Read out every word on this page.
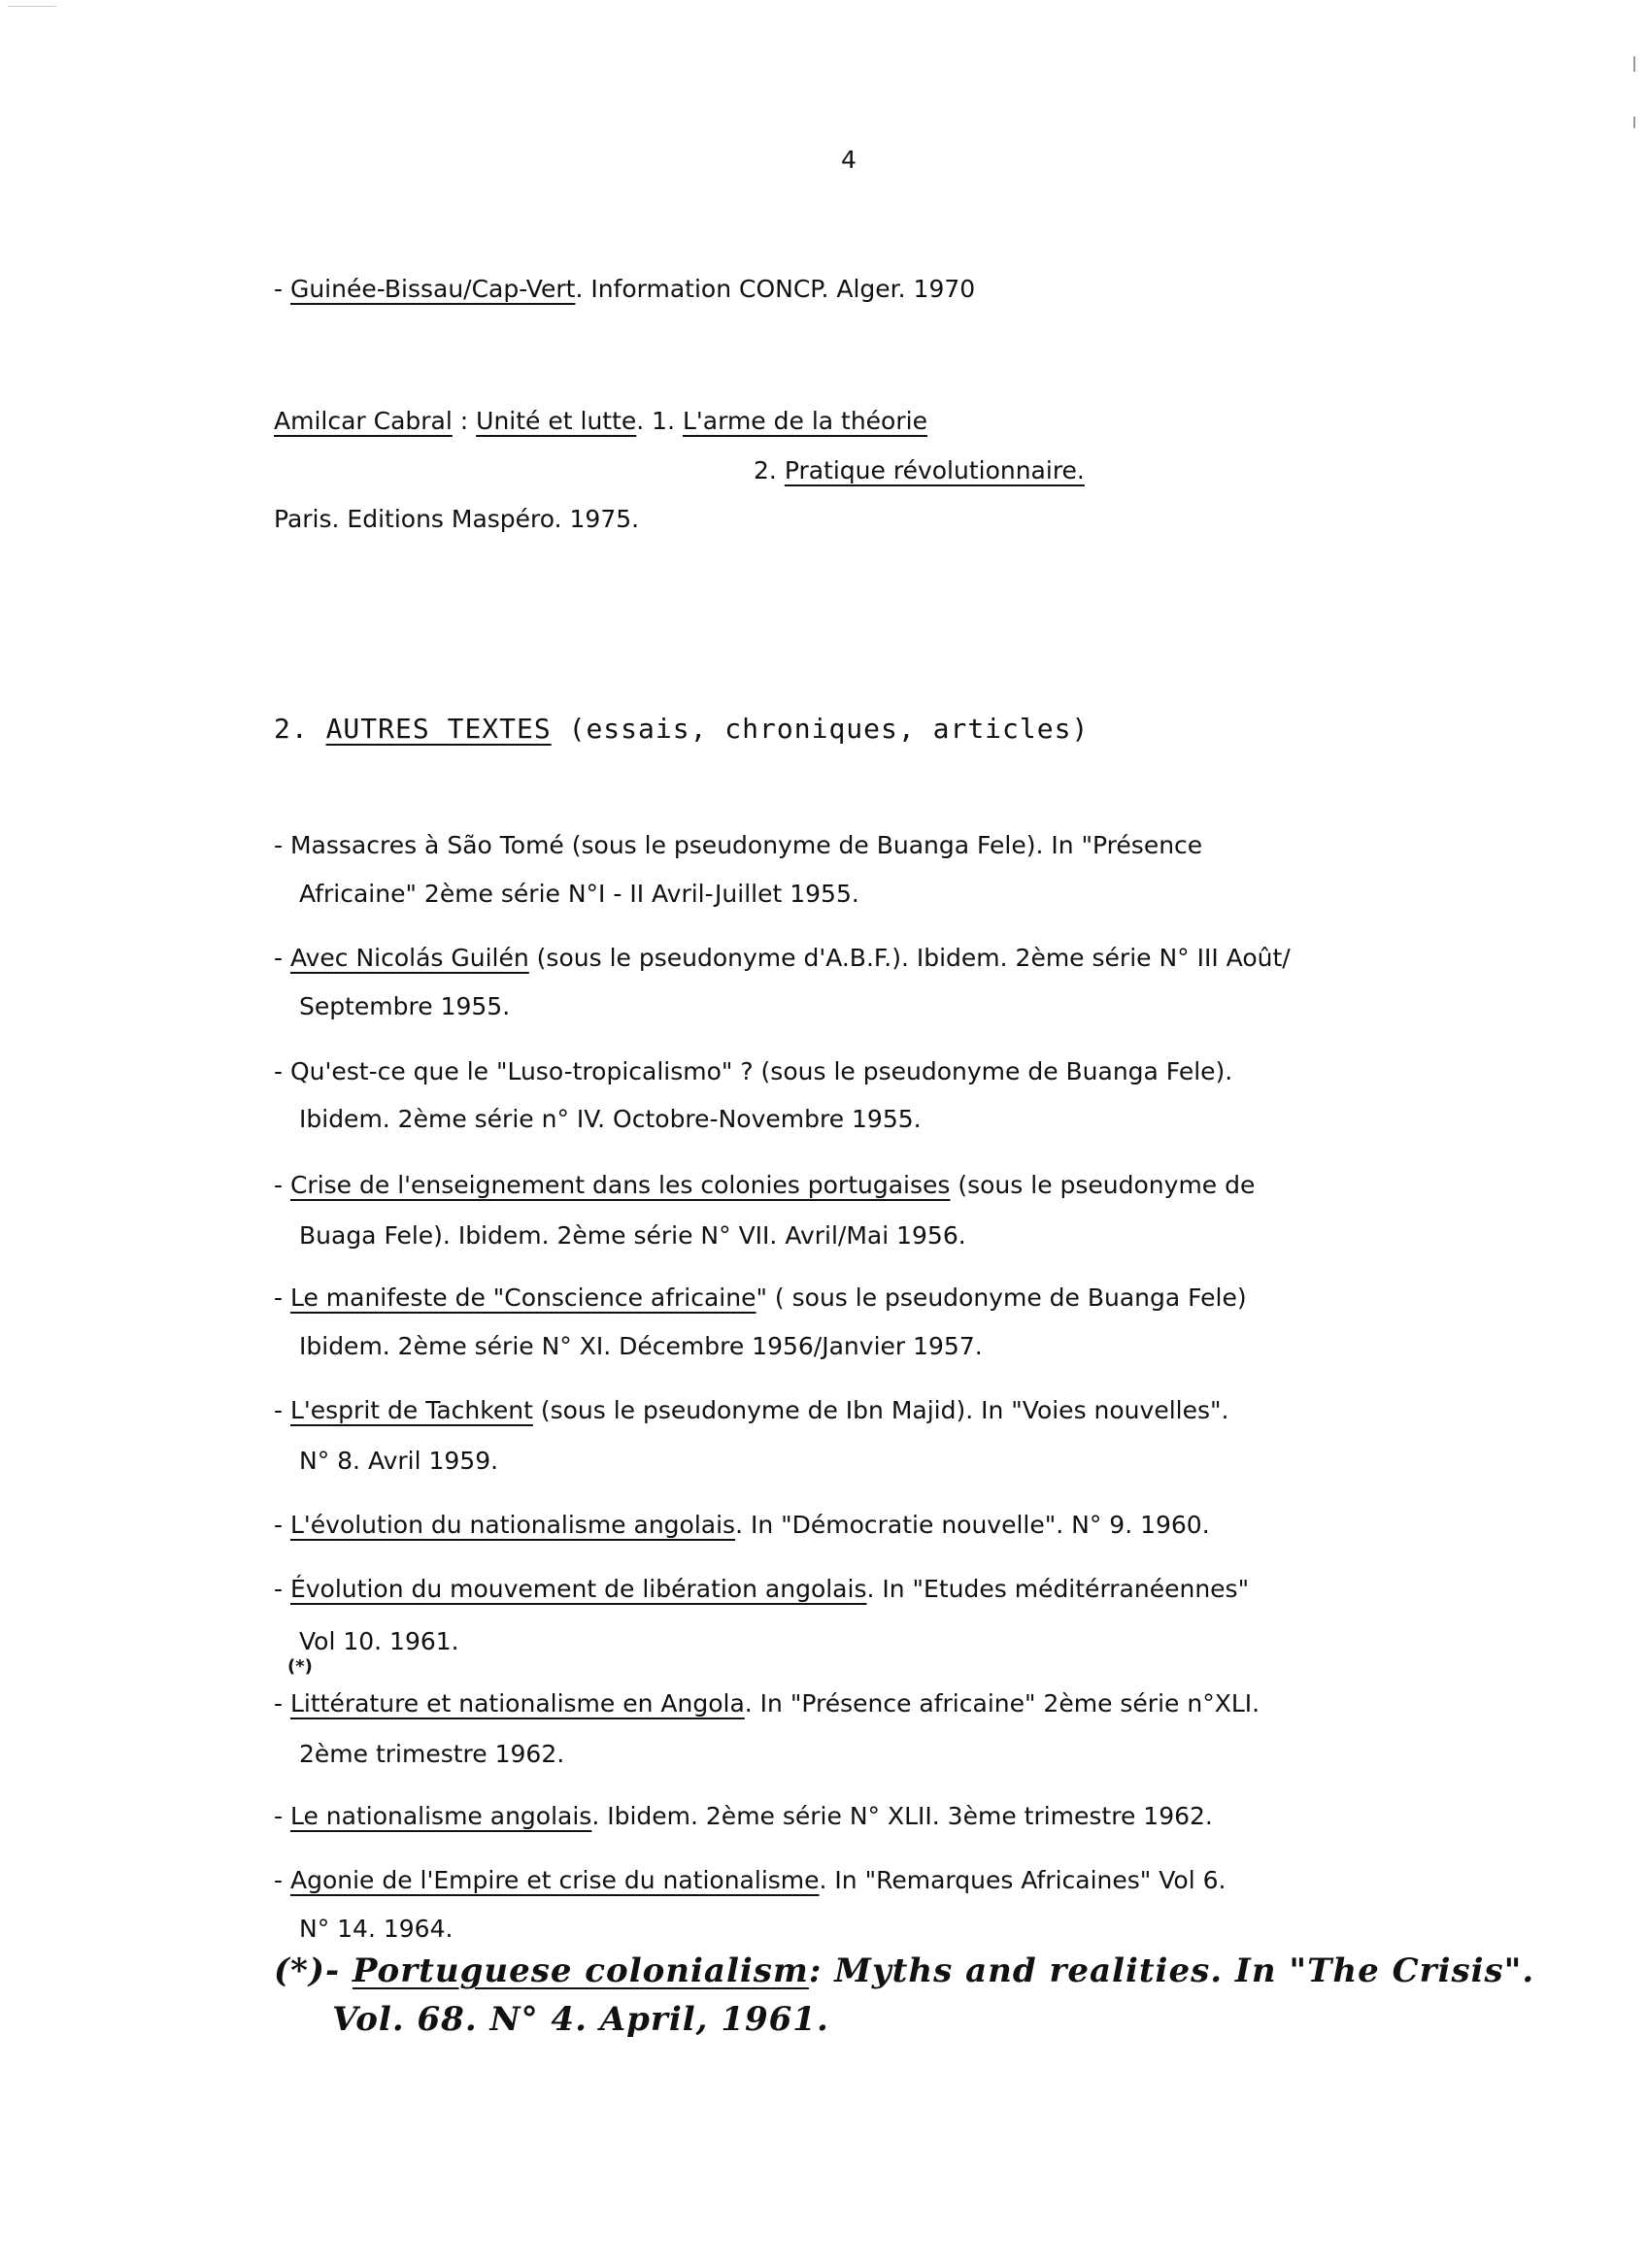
4
- Guinée-Bissau/Cap-Vert. Information CONCP. Alger. 1970
Amilcar Cabral : Unité et lutte. 1. L'arme de la théorie
2. Pratique révolutionnaire.
Paris. Editions Maspéro. 1975.
2. AUTRES TEXTES (essais, chroniques, articles)
- Massacres à São Tomé (sous le pseudonyme de Buanga Fele). In "Présence
Africaine" 2ème série N°I - II Avril-Juillet 1955.
- Avec Nicolás Guilén (sous le pseudonyme d'A.B.F.). Ibidem. 2ème série N° III Août/
Septembre 1955.
- Qu'est-ce que le "Luso-tropicalismo" ? (sous le pseudonyme de Buanga Fele).
Ibidem. 2ème série n° IV. Octobre-Novembre 1955.
- Crise de l'enseignement dans les colonies portugaises (sous le pseudonyme de
Buaga Fele). Ibidem. 2ème série N° VII. Avril/Mai 1956.
- Le manifeste de "Conscience africaine" ( sous le pseudonyme de Buanga Fele)
Ibidem. 2ème série N° XI. Décembre 1956/Janvier 1957.
- L'esprit de Tachkent (sous le pseudonyme de Ibn Majid). In "Voies nouvelles".
N° 8. Avril 1959.
- L'évolution du nationalisme angolais. In "Démocratie nouvelle". N° 9. 1960.
- Évolution du mouvement de libération angolais. In "Etudes méditérranéennes"
Vol 10. 1961.
(*)
- Littérature et nationalisme en Angola. In "Présence africaine" 2ème série n°XLI.
2ème trimestre 1962.
- Le nationalisme angolais. Ibidem. 2ème série N° XLII. 3ème trimestre 1962.
- Agonie de l'Empire et crise du nationalisme. In "Remarques Africaines" Vol 6.
N° 14. 1964.
(*)- Portuguese colonialism: Myths and realities. In "The Crisis".
Vol. 68. N° 4. April, 1961.
